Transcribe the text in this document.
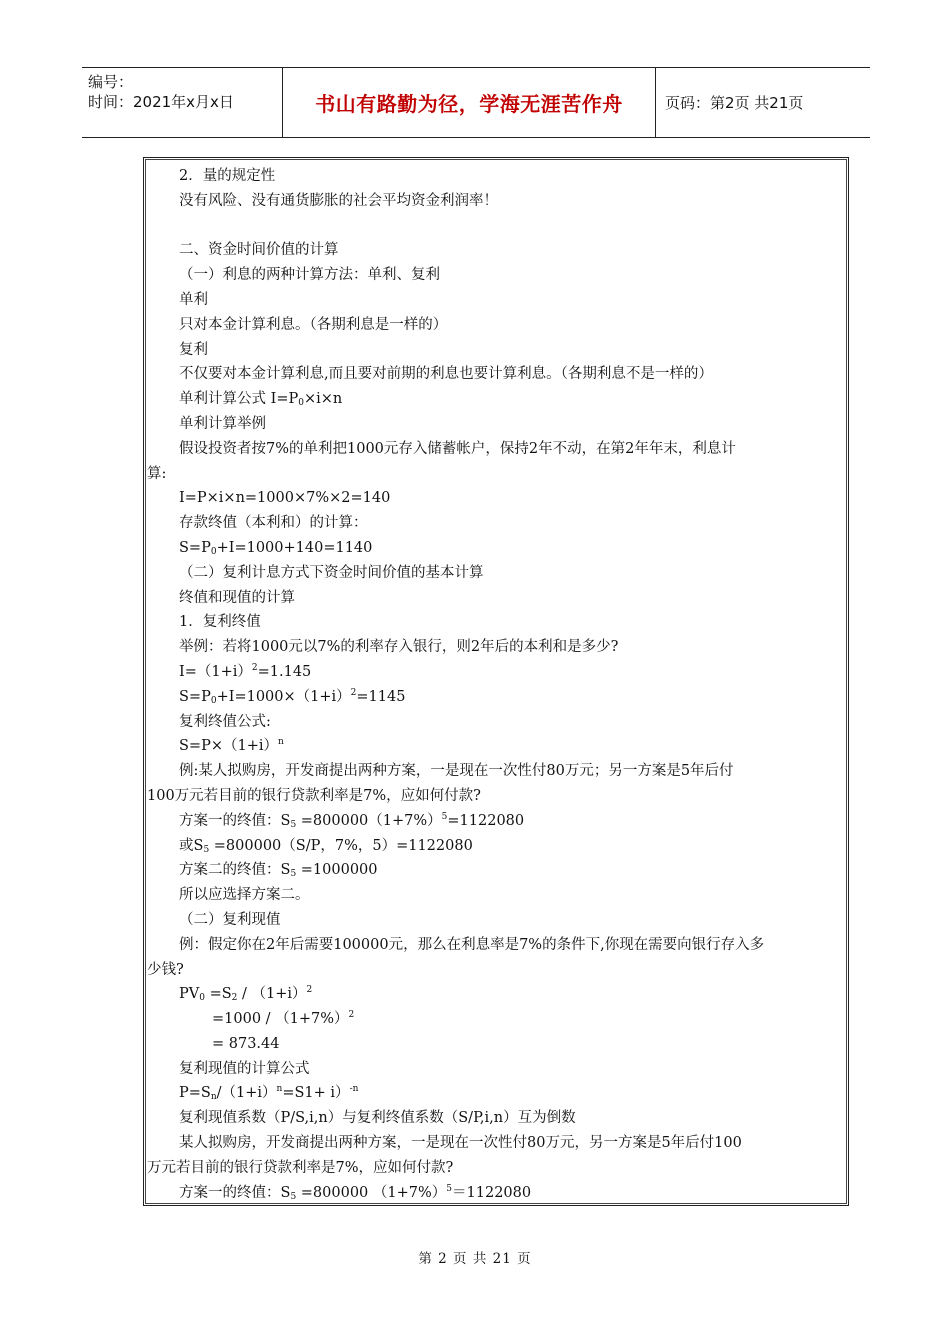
编号：
时间：2021年x月x日	书山有路勤为径，学海无涯苦作舟	页码：第2页 共21页
2．量的规定性
没有风险、没有通货膨胀的社会平均资金利润率！
二、资金时间价值的计算
（一）利息的两种计算方法：单利、复利
单利
只对本金计算利息。（各期利息是一样的）
复利
不仅要对本金计算利息,而且要对前期的利息也要计算利息。（各期利息不是一样的）
单利计算公式 $I=P_0\times i\times n$
单利计算举例
假设投资者按7%的单利把1000元存入储蓄帐户，保持2年不动，在第2年年末，利息计
算:
I=P×i×n=1000×7%×2=140
存款终值（本利和）的计算：
$S=P_0+I=1000+140=1140$
（二）复利计息方式下资金时间价值的基本计算
终值和现值的计算
1．复利终值
举例：若将1000元以7%的利率存入银行，则2年后的本利和是多少?
$I=(1+i)^2=1.145$
$S=P_0+I=1000\times(1+i)^2=1145$
复利终值公式:
$S=P\times(1+i)^n$
例:某人拟购房，开发商提出两种方案，一是现在一次性付80万元；另一方案是5年后付
100万元若目前的银行贷款利率是7%，应如何付款?
方案一的终值：$S_5 =800000(1+7\%)^5=1122080$
或$S_5 =800000(S/P$，7%，5）=1122080
方案二的终值：$S_5 =1000000$
所以应选择方案二。
（二）复利现值
例：假定你在2年后需要100000元，那么在利息率是7%的条件下,你现在需要向银行存入多
少钱?
$PV_0 =S_2 / (1+i)^2$
$=1000 / (1+7\%)^2$
= 873.44
复利现值的计算公式
$P=S_n/(1+i)^n=S1+ i)^{-n}$
复利现值系数（P/S,i,n）与复利终值系数（S/P,i,n）互为倒数
某人拟购房，开发商提出两种方案，一是现在一次性付80万元，另一方案是5年后付100
万元若目前的银行贷款利率是7%，应如何付款?
方案一的终值：$S_5 =800000$ $(1+7\%)^5=1122080$
第 2 页 共 21 页
